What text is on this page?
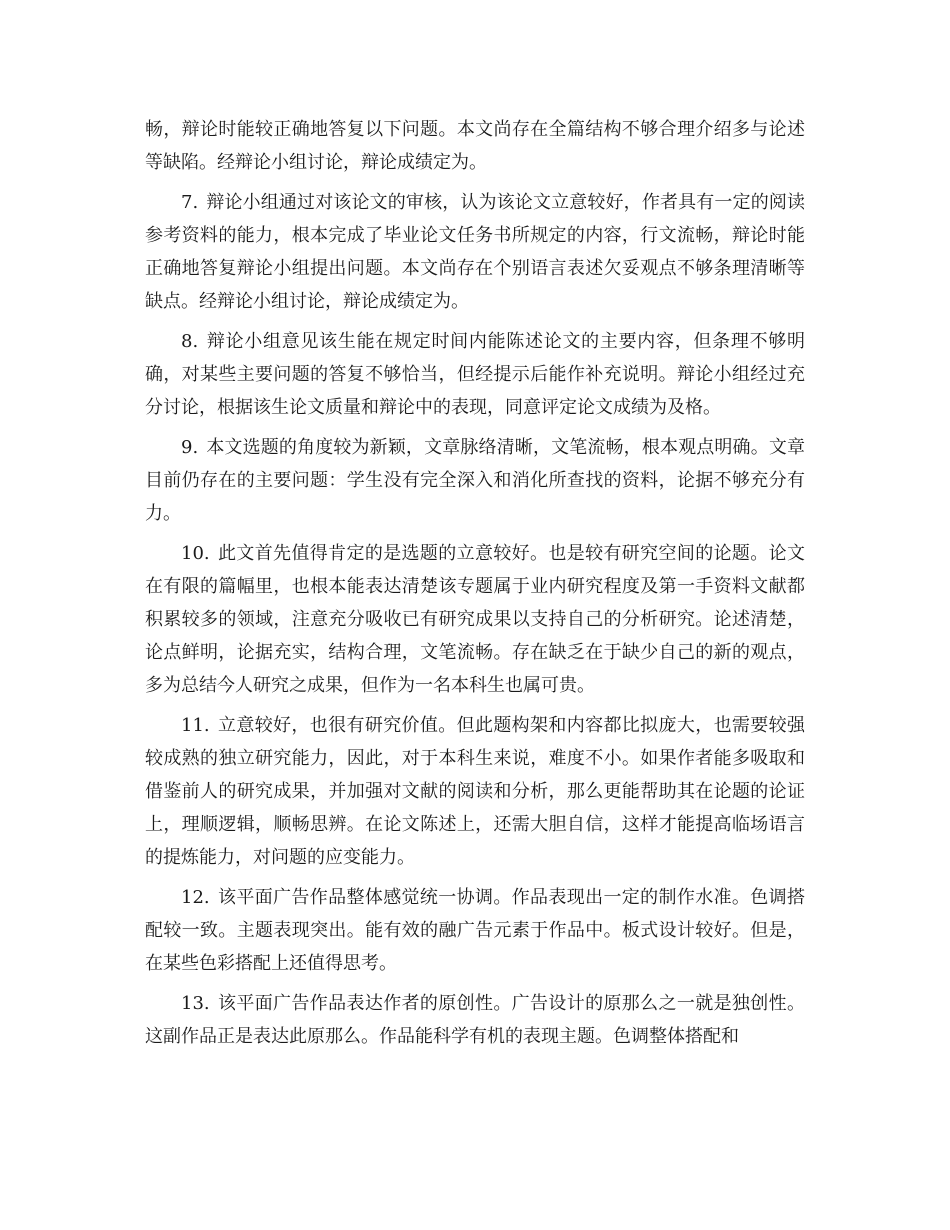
畅，辩论时能较正确地答复以下问题。本文尚存在全篇结构不够合理介绍多与论述等缺陷。经辩论小组讨论，辩论成绩定为。

7. 辩论小组通过对该论文的审核，认为该论文立意较好，作者具有一定的阅读参考资料的能力，根本完成了毕业论文任务书所规定的内容，行文流畅，辩论时能正确地答复辩论小组提出问题。本文尚存在个别语言表述欠妥观点不够条理清晰等缺点。经辩论小组讨论，辩论成绩定为。

8. 辩论小组意见该生能在规定时间内能陈述论文的主要内容，但条理不够明确，对某些主要问题的答复不够恰当，但经提示后能作补充说明。辩论小组经过充分讨论，根据该生论文质量和辩论中的表现，同意评定论文成绩为及格。

9. 本文选题的角度较为新颖，文章脉络清晰，文笔流畅，根本观点明确。文章目前仍存在的主要问题：学生没有完全深入和消化所查找的资料，论据不够充分有力。

10. 此文首先值得肯定的是选题的立意较好。也是较有研究空间的论题。论文在有限的篇幅里，也根本能表达清楚该专题属于业内研究程度及第一手资料文献都积累较多的领域，注意充分吸收已有研究成果以支持自己的分析研究。论述清楚，论点鲜明，论据充实，结构合理，文笔流畅。存在缺乏在于缺少自己的新的观点，多为总结今人研究之成果，但作为一名本科生也属可贵。

11. 立意较好，也很有研究价值。但此题构架和内容都比拟庞大，也需要较强较成熟的独立研究能力，因此，对于本科生来说，难度不小。如果作者能多吸取和借鉴前人的研究成果，并加强对文献的阅读和分析，那么更能帮助其在论题的论证上，理顺逻辑，顺畅思辨。在论文陈述上，还需大胆自信，这样才能提高临场语言的提炼能力，对问题的应变能力。

12. 该平面广告作品整体感觉统一协调。作品表现出一定的制作水准。色调搭配较一致。主题表现突出。能有效的融广告元素于作品中。板式设计较好。但是，在某些色彩搭配上还值得思考。

13. 该平面广告作品表达作者的原创性。广告设计的原那么之一就是独创性。这副作品正是表达此原那么。作品能科学有机的表现主题。色调整体搭配和
